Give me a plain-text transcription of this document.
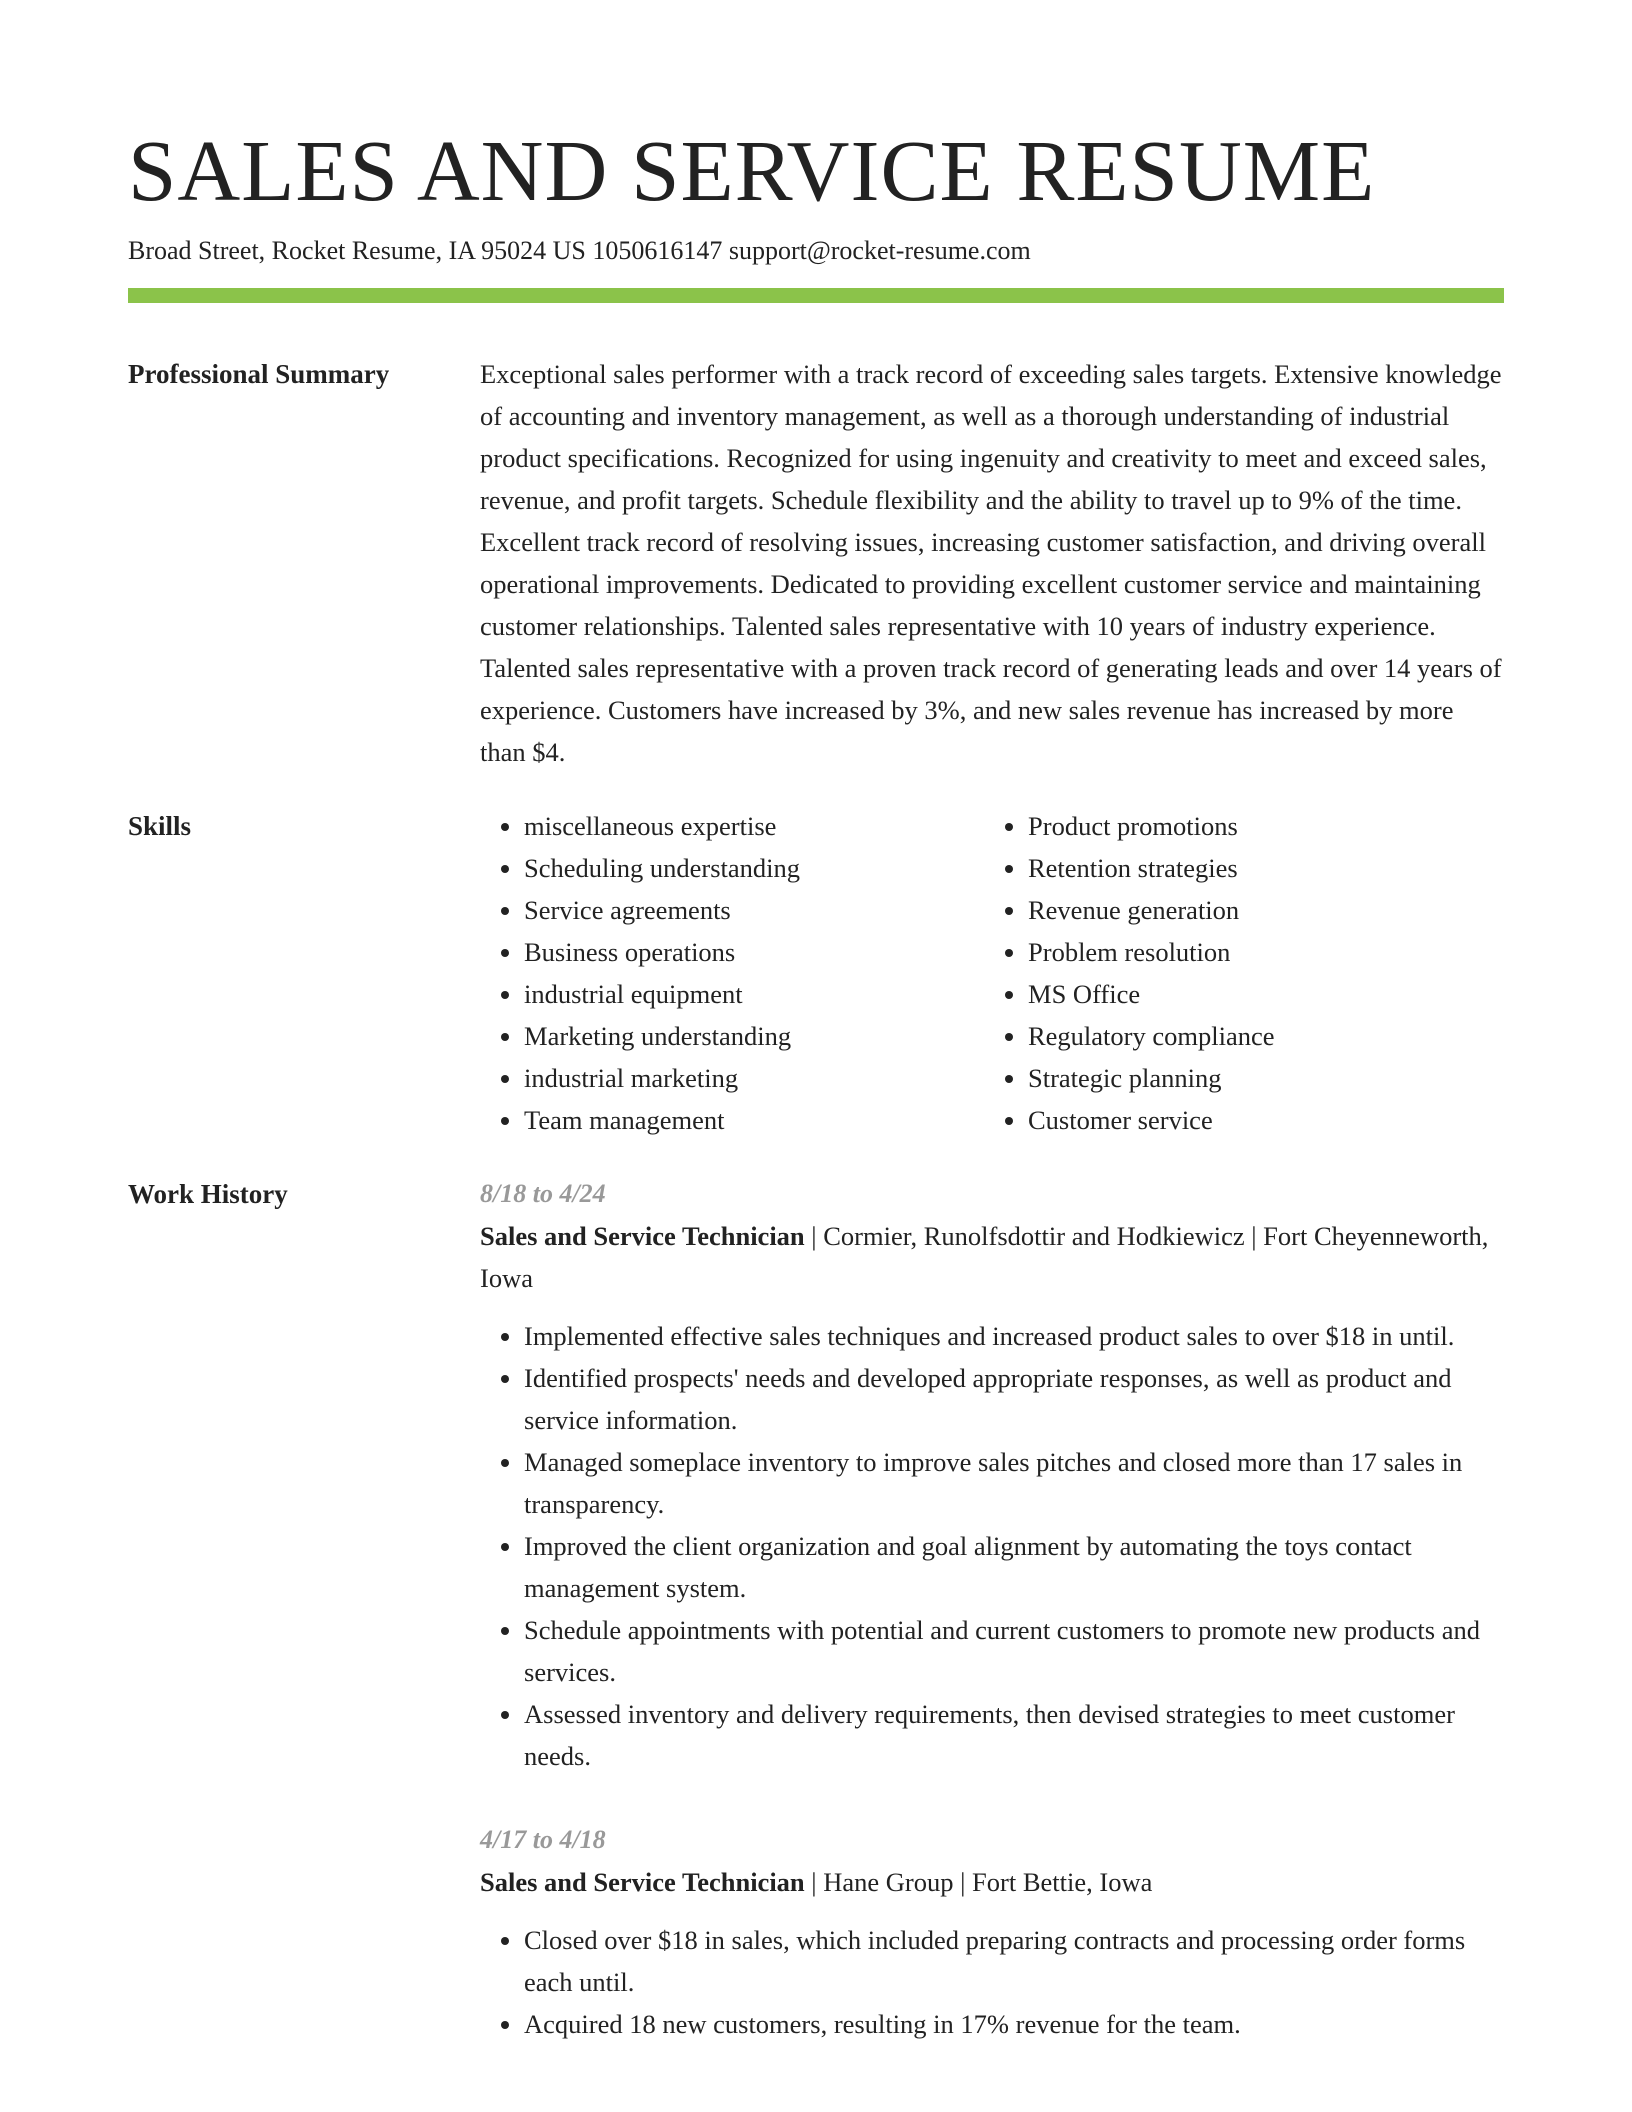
SALES AND SERVICE RESUME
Broad Street, Rocket Resume, IA 95024 US 1050616147 support@rocket-resume.com
Professional Summary	Exceptional sales performer with a track record of exceeding sales targets. Extensive knowledge of accounting and inventory management, as well as a thorough understanding of industrial product specifications. Recognized for using ingenuity and creativity to meet and exceed sales, revenue, and profit targets. Schedule flexibility and the ability to travel up to 9% of the time. Excellent track record of resolving issues, increasing customer satisfaction, and driving overall operational improvements. Dedicated to providing excellent customer service and maintaining customer relationships. Talented sales representative with 10 years of industry experience. Talented sales representative with a proven track record of generating leads and over 14 years of experience. Customers have increased by 3%, and new sales revenue has increased by more than $4.

Skills
•	miscellaneous expertise
• Scheduling understanding
• Service agreements
• Business operations
• industrial equipment
• Marketing understanding
• industrial marketing
• Team management
• Product promotions
• Retention strategies
• Revenue generation
• Problem resolution
• MS Office
• Regulatory compliance
• Strategic planning
• Customer service
Work History	8/18 to 4/24

Sales and Service Technician | Cormier, Runolfsdottir and Hodkiewicz | Fort Cheyenneworth, Iowa

• Implemented effective sales techniques and increased product sales to over $18 in until.
• Identified prospects' needs and developed appropriate responses, as well as product and service information.
• Managed someplace inventory to improve sales pitches and closed more than 17 sales in transparency.
• Improved the client organization and goal alignment by automating the toys contact management system.
• Schedule appointments with potential and current customers to promote new products and services.
• Assessed inventory and delivery requirements, then devised strategies to meet customer needs.
4/17 to 4/18

Sales and Service Technician | Hane Group | Fort Bettie, Iowa

• Closed over $18 in sales, which included preparing contracts and processing order forms each until.
• Acquired 18 new customers, resulting in 17% revenue for the team.
